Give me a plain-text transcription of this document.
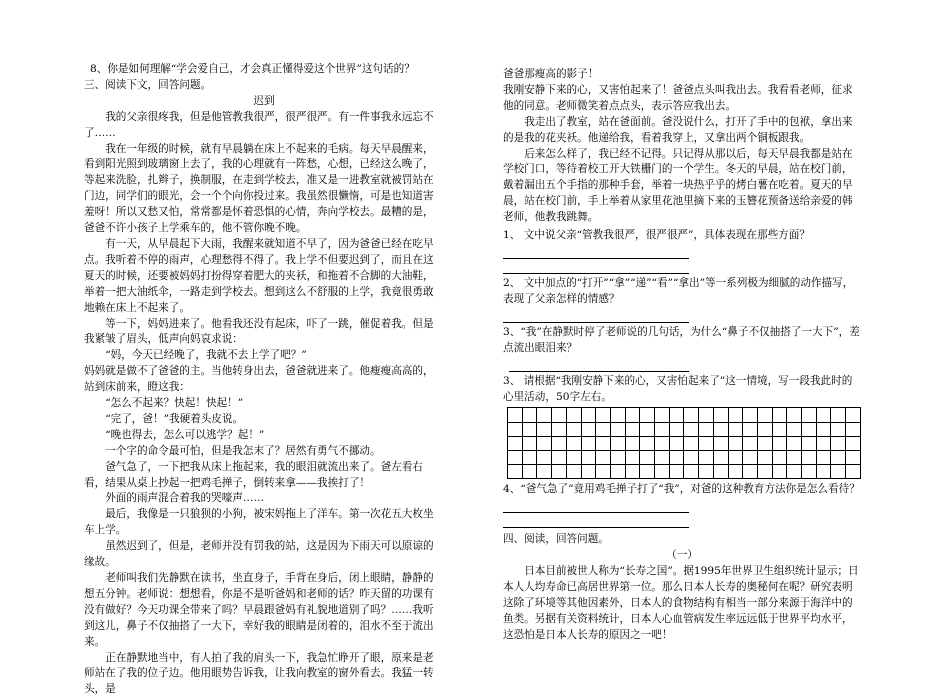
8、你是如何理解“学会爱自己，才会真正懂得爱这个世界”这句话的？

三、阅读下文，回答问题。

迟到

我的父亲很疼我，但是他管教我很严，很严很严。有一件事我永远忘不了……

我在一年级的时候，就有早晨躺在床上不起来的毛病。每天早晨醒来，看到阳光照到玻璃窗上去了，我的心理就有一阵愁，心想，已经这么晚了，等起来洗脸，扎辫子，换制服，在走到学校去，准又是一进教室就被罚站在门边，同学们的眼光，会一个个向你投过来。我虽然很懒惰，可是也知道害羞呀！所以又愁又怕，常常都是怀着恐惧的心情，奔向学校去。最糟的是，爸爸不许小孩子上学乘车的，他不管你晚不晚。

有一天，从早晨起下大雨，我醒来就知道不早了，因为爸爸已经在吃早点。我听着不停的雨声，心理愁得不得了。我上学不但要迟到了，而且在这夏天的时候，还要被妈妈打扮得穿着肥大的夹袄，和拖着不合脚的大油鞋，举着一把大油纸伞，一路走到学校去。想到这么不舒服的上学，我竟很勇敢地赖在床上不起来了。

等一下，妈妈进来了。他看我还没有起床，吓了一跳，催促着我。但是我紧皱了眉头，低声向妈哀求说：

“妈，今天已经晚了，我就不去上学了吧？”

妈妈就是做不了爸爸的主。当他转身出去，爸爸就进来了。他瘦瘦高高的，站到床前来，瞪这我：

“怎么不起来？快起！快起！”

“完了，爸！”我硬着头皮说。

“晚也得去，怎么可以逃学？起！”

一个字的命令最可怕，但是我怎末了？居然有勇气不挪动。

爸气急了，一下把我从床上拖起来，我的眼泪就流出来了。爸左看右看，结果从桌上抄起一把鸡毛掸子，倒转来拿——我挨打了！

外面的雨声混合着我的哭嚎声……

最后，我像是一只狼狈的小狗，被宋妈拖上了洋车。第一次花五大枚坐车上学。

虽然迟到了，但是，老师并没有罚我的站，这是因为下雨天可以原谅的缘故。

老师叫我们先静默在读书，坐直身子，手背在身后，闭上眼睛，静静的想五分钟。老师说：想想看，你是不是听爸妈和老师的话？昨天留的功课有没有做好？今天功课全带来了吗？早晨跟爸妈有礼貌地道别了吗？……我听到这儿，鼻子不仅抽搭了一大下，幸好我的眼睛是闭着的，泪水不至于流出来。

正在静默地当中，有人拍了我的肩头一下，我急忙睁开了眼，原来是老师站在了我的位子边。他用眼势告诉我，让我向教室的窗外看去。我猛一转头，是

爸爸那瘦高的影子！

我刚安静下来的心，又害怕起来了！爸爸点头叫我出去。我看看老师，征求他的同意。老师微笑着点点头，表示答应我出去。

我走出了教室，站在爸面前。爸没说什么，打开了手中的包袱，拿出来的是我的花夹袄。他递给我，看着我穿上，又拿出两个铜板跟我。

后来怎么样了，我已经不记得。只记得从那以后，每天早晨我都是站在学校门口，等待着校工开大铁栅门的一个学生。冬天的早晨，站在校门前，戴着漏出五个手指的那种手套，举着一块热乎乎的烤白薯在吃着。夏天的早晨，站在校门前，手上举着从家里花池里摘下来的玉簪花预备送给亲爱的韩老师，他教我跳舞。

1、 文中说父亲“管教我很严，很严很严”，具体表现在那些方面？

2、 文中加点的“打开”“拿”“递”“看”“拿出”等一系列极为细腻的动作描写，表现了父亲怎样的情感？

3、“我”在静默时停了老师说的几句话，为什么“鼻子不仅抽搭了一大下”，差点流出眼泪来？

3、 请根据“我刚安静下来的心，又害怕起来了”这一情境，写一段我此时的心里活动，50字左右。

4、“爸气急了”竟用鸡毛掸子打了“我”，对爸的这种教育方法你是怎么看待？

四、阅读，回答问题。

（一）

日本目前被世人称为“长寿之国”。据1995年世界卫生组织统计显示；日本人人均寿命已高居世界第一位。那么日本人长寿的奥秘何在呢？研究表明这除了环境等其他因素外，日本人的食物结构有相当一部分来源于海洋中的鱼类。另据有关资料统计，日本人心血管病发生率远远低于世界平均水平，这恐怕是日本人长寿的原因之一吧！
